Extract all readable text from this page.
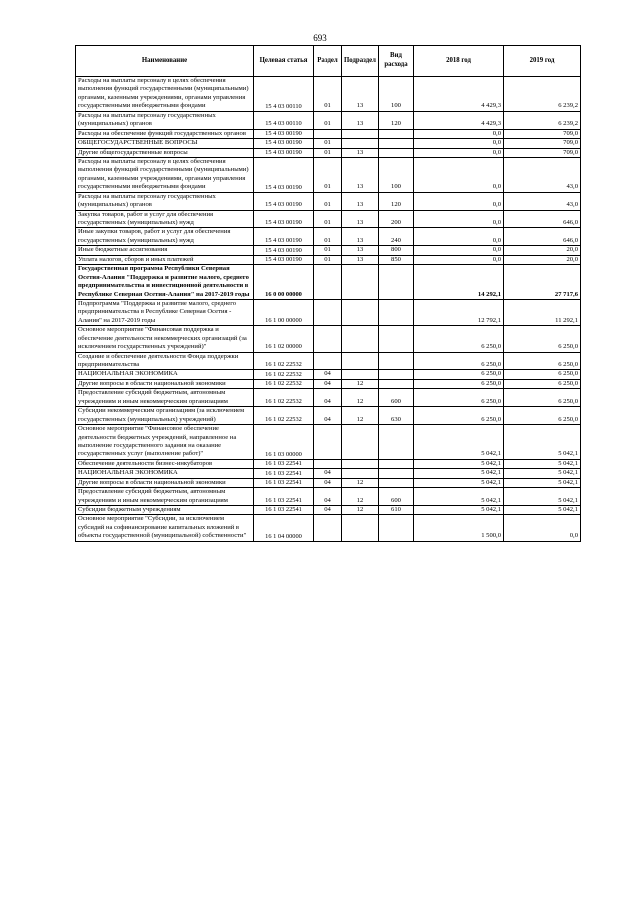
693
Наименование	Целевая статья	Раздел	Подраздел	Вид расхода	2018 год	2019 год
Расходы на выплаты персоналу в целях обеспечения выполнения функций государственными (муниципальными) органами, казенными учреждениями, органами управления государственными внебюджетными фондами	15 4 03 00110	01	13	100	4 429,3	6 239,2
Расходы на выплаты персоналу государственных (муниципальных) органов	15 4 03 00110	01	13	120	4 429,3	6 239,2
Расходы на обеспечение функций государственных органов	15 4 03 00190				0,0	709,0
ОБЩЕГОСУДАРСТВЕННЫЕ ВОПРОСЫ	15 4 03 00190	01			0,0	709,0
Другие общегосударственные вопросы	15 4 03 00190	01	13		0,0	709,0
Расходы на выплаты персоналу в целях обеспечения выполнения функций государственными (муниципальными) органами, казенными учреждениями, органами управления государственными внебюджетными фондами	15 4 03 00190	01	13	100	0,0	43,0
Расходы на выплаты персоналу государственных (муниципальных) органов	15 4 03 00190	01	13	120	0,0	43,0
Закупка товаров, работ и услуг для обеспечения государственных (муниципальных) нужд	15 4 03 00190	01	13	200	0,0	646,0
Иные закупки товаров, работ и услуг для обеспечения государственных (муниципальных) нужд	15 4 03 00190	01	13	240	0,0	646,0
Иные бюджетные ассигнования	15 4 03 00190	01	13	800	0,0	20,0
Уплата налогов, сборов и иных платежей	15 4 03 00190	01	13	850	0,0	20,0
Государственная программа Республики Северная Осетия-Алания "Поддержка и развитие малого, среднего предпринимательства и инвестиционной деятельности в Республике Северная Осетия-Алания" на 2017-2019 годы	16 0 00 00000				14 292,1	27 717,6
Подпрограмма "Поддержка и развитие малого, среднего предпринимательства в Республике Северная Осетия - Алания" на 2017-2019 годы	16 1 00 00000				12 792,1	11 292,1
Основное мероприятие "Финансовая поддержка и обеспечение деятельности некоммерческих организаций (за исключением государственных учреждений)"	16 1 02 00000				6 250,0	6 250,0
Создание и обеспечение деятельности Фонда поддержки предпринимательства	16 1 02 22532				6 250,0	6 250,0
НАЦИОНАЛЬНАЯ ЭКОНОМИКА	16 1 02 22532	04			6 250,0	6 250,0
Другие вопросы в области национальной экономики	16 1 02 22532	04	12		6 250,0	6 250,0
Предоставление субсидий бюджетным, автономным учреждениям и иным некоммерческим организациям	16 1 02 22532	04	12	600	6 250,0	6 250,0
Субсидии некоммерческим организациям (за исключением государственных (муниципальных) учреждений)	16 1 02 22532	04	12	630	6 250,0	6 250,0
Основное мероприятие "Финансовое обеспечение деятельности бюджетных учреждений, направленное на выполнение государственного задания на оказание государственных услуг (выполнение работ)"	16 1 03 00000				5 042,1	5 042,1
Обеспечение деятельности бизнес-инкубаторов	16 1 03 22541				5 042,1	5 042,1
НАЦИОНАЛЬНАЯ ЭКОНОМИКА	16 1 03 22541	04			5 042,1	5 042,1
Другие вопросы в области национальной экономики	16 1 03 22541	04	12		5 042,1	5 042,1
Предоставление субсидий бюджетным, автономным учреждениям и иным некоммерческим организациям	16 1 03 22541	04	12	600	5 042,1	5 042,1
Субсидии бюджетным учреждениям	16 1 03 22541	04	12	610	5 042,1	5 042,1
Основное мероприятие "Субсидии, за исключением субсидий на софинансирование капитальных вложений в объекты государственной (муниципальной) собственности"	16 1 04 00000				1 500,0	0,0
